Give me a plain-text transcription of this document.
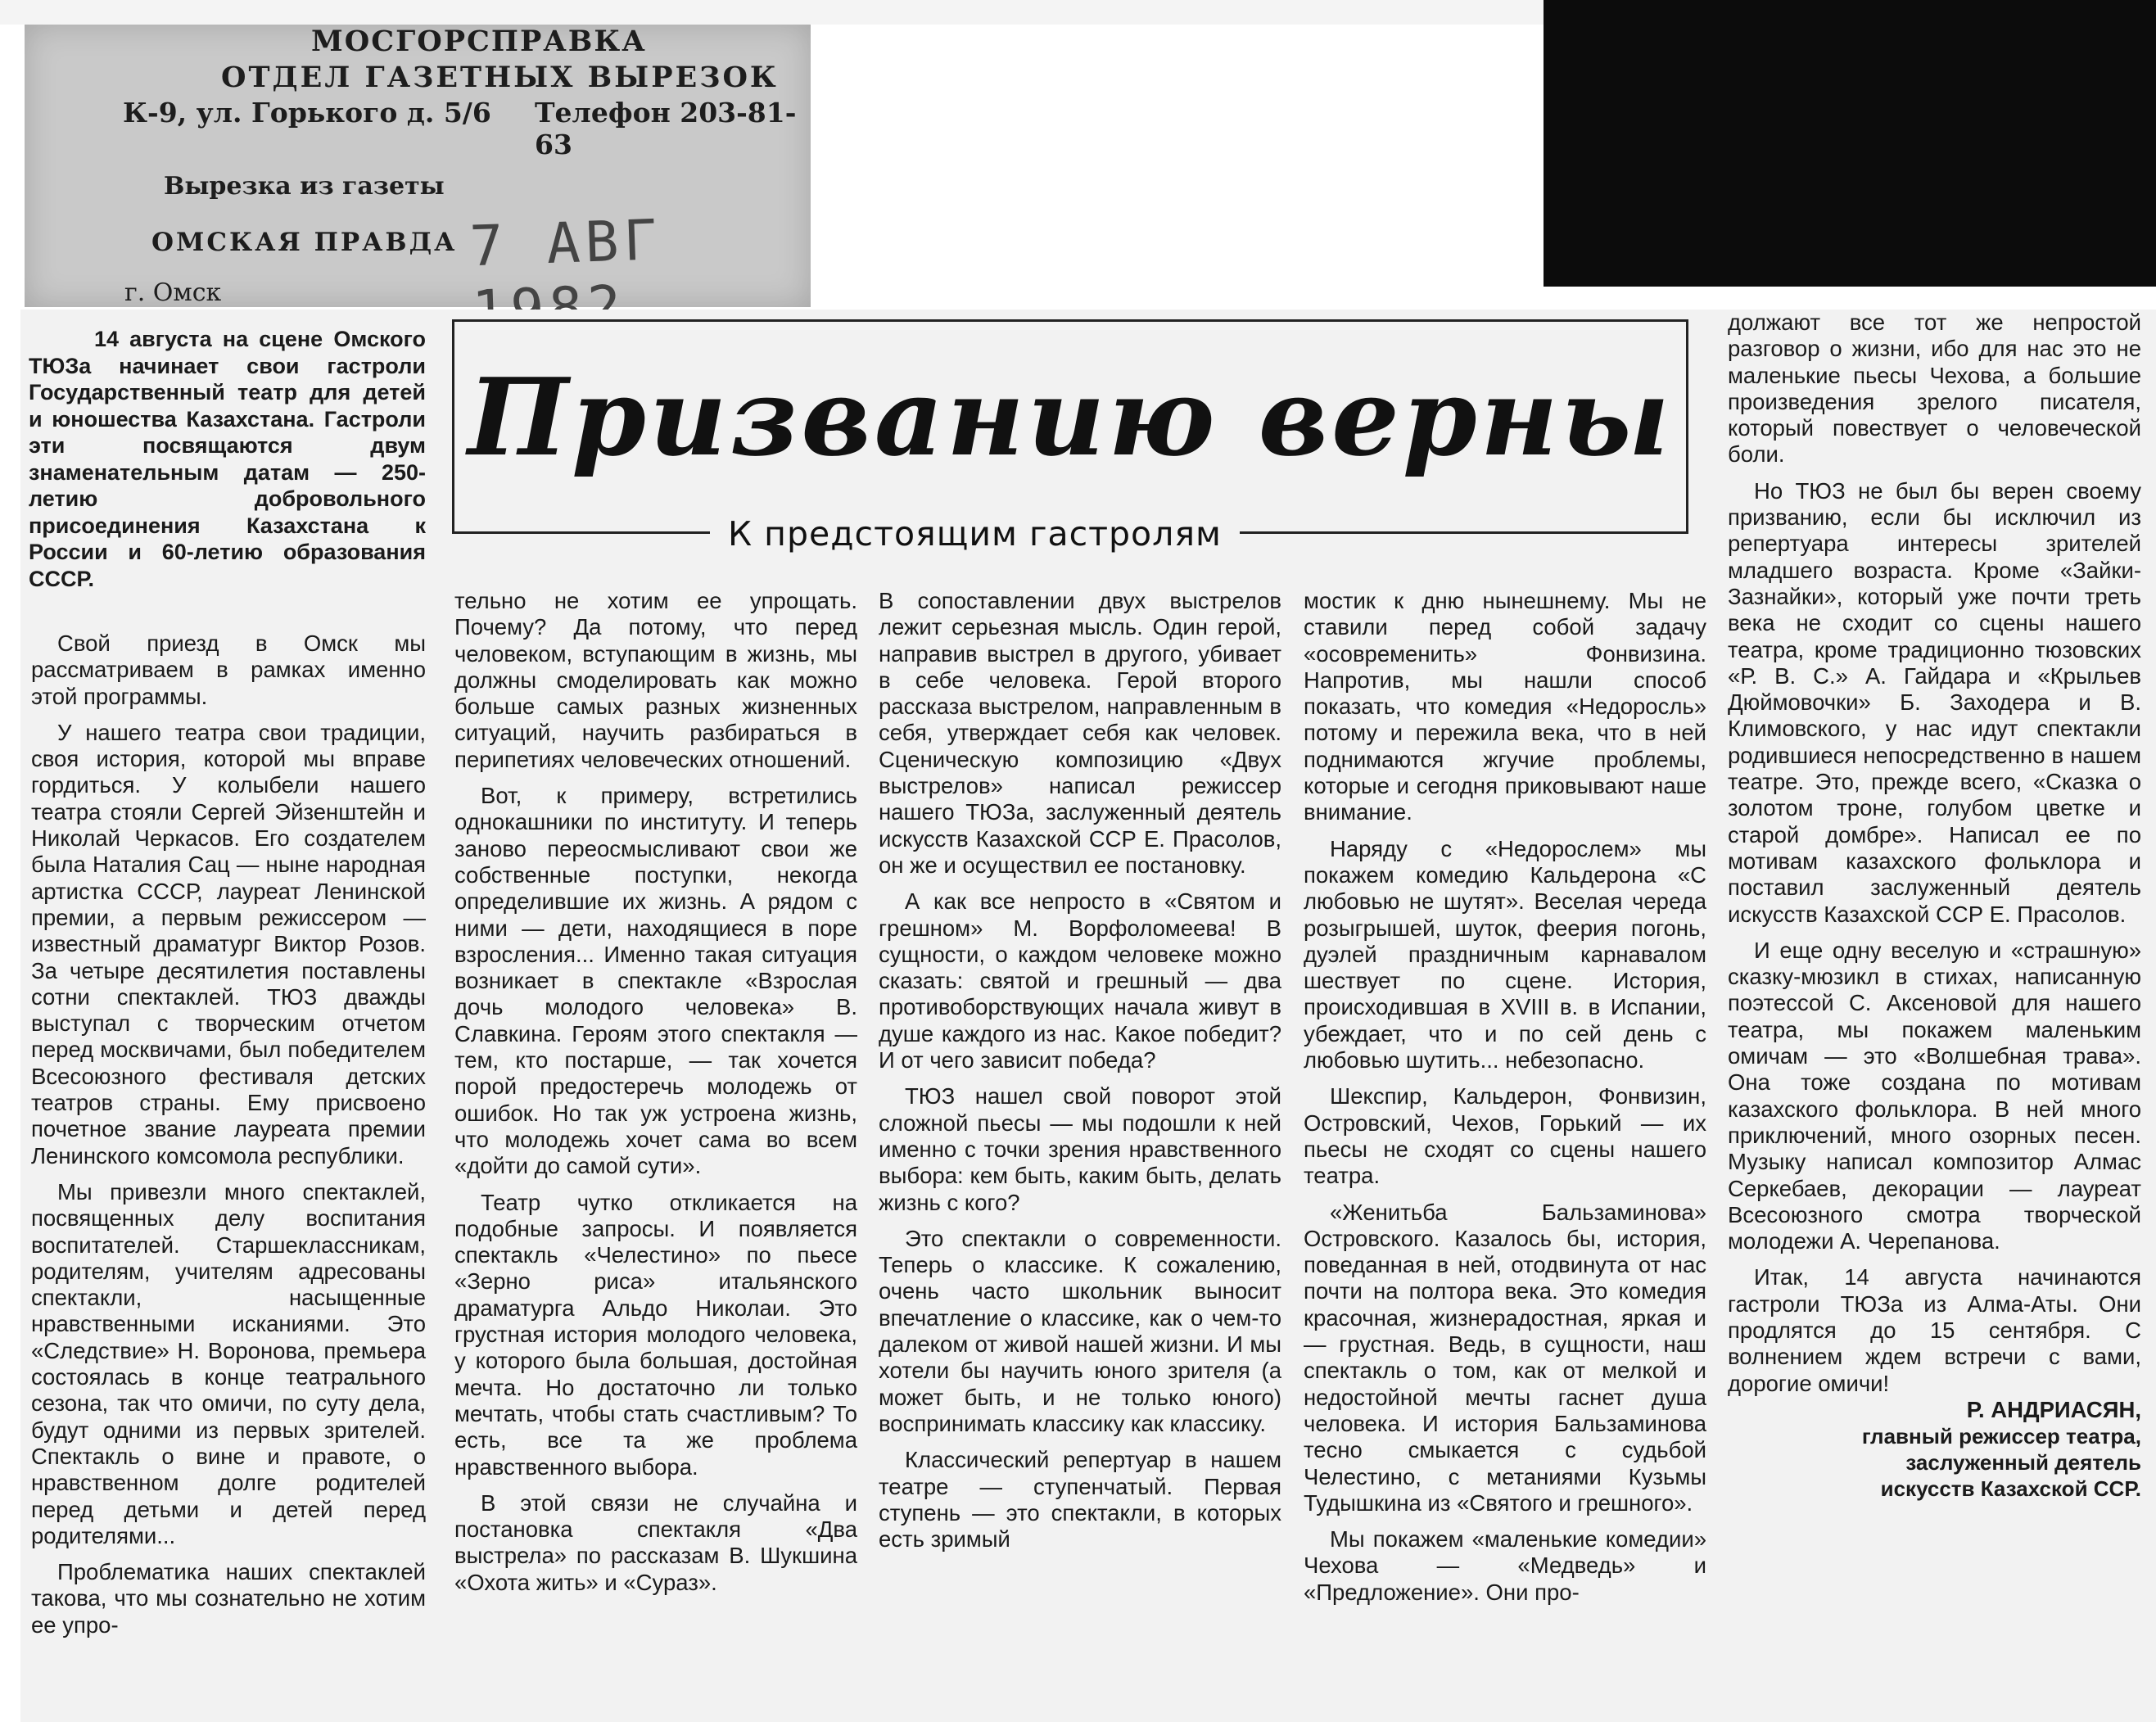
МОСГОРСПРАВКА
ОТДЕЛ ГАЗЕТНЫХ ВЫРЕЗОК
К-9, ул. Горького д. 5/6 Телефон 203-81-63
Вырезка из газеты
ОМСКАЯ ПРАВДА 7 АВГ
г. Омск

14 августа на сцене Омского ТЮЗа начинает свои гастроли Государственный театр для детей и юношества Казахстана. Гастроли эти посвящаются двум знаменательным датам — 250-летию добровольного присоединения Казахстана к России и 60-летию образования СССР.

Призванию верны
К предстоящим гастролям

Свой приезд в Омск мы рассматриваем в рамках именно этой программы.

У нашего театра свои традиции, своя история, которой мы вправе гордиться. У колыбели нашего театра стояли Сергей Эйзенштейн и Николай Черкасов. Его создателем была Наталия Сац — ныне народная артистка СССР, лауреат Ленинской премии, а первым режиссером — известный драматург Виктор Розов. За четыре десятилетия поставлены сотни спектаклей. ТЮЗ дважды выступал с творческим отчетом перед москвичами, был победителем Всесоюзного фестиваля детских театров страны. Ему присвоено почетное звание лауреата премии Ленинского комсомола республики.

Мы привезли много спектаклей, посвященных делу воспитания воспитателей. Старшеклассникам, родителям, учителям адресованы спектакли, насыщенные нравственными исканиями. Это «Следствие» Н. Воронова, премьера состоялась в конце театрального сезона, так что омичи, по суту дела, будут одними из первых зрителей. Спектакль о вине и правоте, о нравственном долге родителей перед детьми и детей перед родителями...

Проблематика наших спектаклей такова, что мы сознательно не хотим ее упро-

тельно не хотим ее упрощать. Почему? Да потому, что перед человеком, вступающим в жизнь, мы должны смоделировать как можно больше самых разных жизненных ситуаций, научить разбираться в перипетиях человеческих отношений.

Вот, к примеру, встретились однокашники по институту. И теперь заново переосмысливают свои же собственные поступки, некогда определившие их жизнь. А рядом с ними — дети, находящиеся в поре взросления... Именно такая ситуация возникает в спектакле «Взрослая дочь молодого человека» В. Славкина. Героям этого спектакля — тем, кто постарше, — так хочется порой предостеречь молодежь от ошибок. Но так уж устроена жизнь, что молодежь хочет сама во всем «дойти до самой сути».

Театр чутко откликается на подобные запросы. И появляется спектакль «Челестино» по пьесе «Зерно риса» итальянского драматурга Альдо Николаи. Это грустная история молодого человека, у которого была большая, достойная мечта. Но достаточно ли только мечтать, чтобы стать счастливым? То есть, все та же проблема нравственного выбора.

В этой связи не случайна и постановка спектакля «Два выстрела» по рассказам В. Шукшина «Охота жить» и «Сураз».

В сопоставлении двух выстрелов лежит серьезная мысль. Один герой, направив выстрел в другого, убивает в себе человека. Герой второго рассказа выстрелом, направленным в себя, утверждает себя как человек. Сценическую композицию «Двух выстрелов» написал режиссер нашего ТЮЗа, заслуженный деятель искусств Казахской ССР Е. Прасолов, он же и осуществил ее постановку.

А как все непросто в «Святом и грешном» М. Ворфоломеева! В сущности, о каждом человеке можно сказать: святой и грешный — два противоборствующих начала живут в душе каждого из нас. Какое победит? И от чего зависит победа?

ТЮЗ нашел свой поворот этой сложной пьесы — мы подошли к ней именно с точки зрения нравственного выбора: кем быть, каким быть, делать жизнь с кого?

Это спектакли о современности. Теперь о классике. К сожалению, очень часто школьник выносит впечатление о классике, как о чем-то далеком от живой нашей жизни. И мы хотели бы научить юного зрителя (а может быть, и не только юного) воспринимать классику как классику.

Классический репертуар в нашем театре — ступенчатый. Первая ступень — это спектакли, в которых есть зримый

мостик к дню нынешнему. Мы не ставили перед собой задачу «осовременить» Фонвизина. Напротив, мы нашли способ показать, что комедия «Недоросль» потому и пережила века, что в ней поднимаются жгучие проблемы, которые и сегодня приковывают наше внимание.

Наряду с «Недорослем» мы покажем комедию Кальдерона «С любовью не шутят». Веселая череда розыгрышей, шуток, феерия погонь, дуэлей праздничным карнавалом шествует по сцене. История, происходившая в XVIII в. в Испании, убеждает, что и по сей день с любовью шутить... небезопасно.

Шекспир, Кальдерон, Фонвизин, Островский, Чехов, Горький — их пьесы не сходят со сцены нашего театра.

«Женитьба Бальзаминова» Островского. Казалось бы, история, поведанная в ней, отодвинута от нас почти на полтора века. Это комедия красочная, жизнерадостная, яркая и — грустная. Ведь, в сущности, наш спектакль о том, как от мелкой и недостойной мечты гаснет душа человека. И история Бальзаминова тесно смыкается с судьбой Челестино, с метаниями Кузьмы Тудышкина из «Святого и грешного».

Мы покажем «маленькие комедии» Чехова — «Медведь» и «Предложение». Они про-

должают все тот же непростой разговор о жизни, ибо для нас это не маленькие пьесы Чехова, а большие произведения зрелого писателя, который повествует о человеческой боли.

Но ТЮЗ не был бы верен своему призванию, если бы исключил из репертуара интересы зрителей младшего возраста. Кроме «Зайки-Зазнайки», который уже почти треть века не сходит со сцены нашего театра, кроме традиционно тюзовских «Р. В. С.» А. Гайдара и «Крыльев Дюймовочки» Б. Заходера и В. Климовского, у нас идут спектакли родившиеся непосредственно в нашем театре. Это, прежде всего, «Сказка о золотом троне, голубом цветке и старой домбре». Написал ее по мотивам казахского фольклора и поставил заслуженный деятель искусств Казахской ССР Е. Прасолов.

И еще одну веселую и «страшную» сказку-мюзикл в стихах, написанную поэтессой С. Аксеновой для нашего театра, мы покажем маленьким омичам — это «Волшебная трава». Она тоже создана по мотивам казахского фольклора. В ней много приключений, много озорных песен. Музыку написал композитор Алмас Серкебаев, декорации — лауреат Всесоюзного смотра творческой молодежи А. Черепанова.

Итак, 14 августа начинаются гастроли ТЮЗа из Алма-Аты. Они продлятся до 15 сентября. С волнением ждем встречи с вами, дорогие омичи!

Р. АНДРИАСЯН,
главный режиссер театра,
заслуженный деятель
искусств Казахской ССР.
